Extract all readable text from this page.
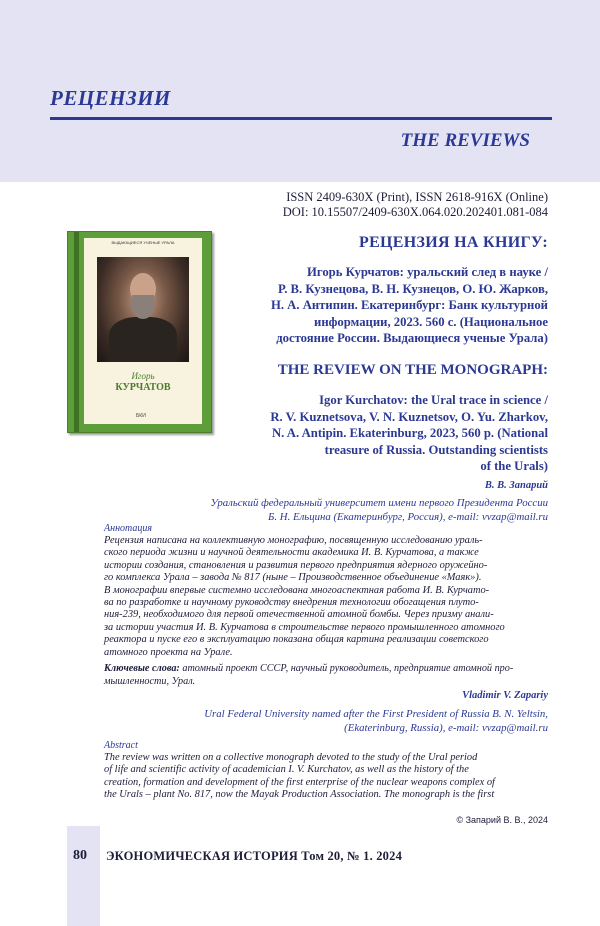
РЕЦЕНЗИИ
THE REVIEWS
ISSN 2409-630X (Print), ISSN 2618-916X (Online)
DOI: 10.15507/2409-630X.064.020.202401.081-084
ВЫДАЮЩИЕСЯ УЧЕНЫЕ УРАЛА
Игорь
КУРЧАТОВ
БКИ
РЕЦЕНЗИЯ НА КНИГУ:
Игорь Курчатов: уральский след в науке /
Р. В. Кузнецова, В. Н. Кузнецов, О. Ю. Жарков,
Н. А. Антипин. Екатеринбург: Банк культурной
информации, 2023. 560 с. (Национальное
достояние России. Выдающиеся ученые Урала)
THE REVIEW ON THE MONOGRAPH:
Igor Kurchatov: the Ural trace in science /
R. V. Kuznetsova, V. N. Kuznetsov, O. Yu. Zharkov,
N. A. Antipin. Ekaterinburg, 2023, 560 p. (National
treasure of Russia. Outstanding scientists
of the Urals)
В. В. Запарий
Уральский федеральный университет имени первого Президента России
Б. Н. Ельцина (Екатеринбург, Россия), e-mail: vvzap@mail.ru
Аннотация
Рецензия написана на коллективную монографию, посвященную исследованию ураль-
ского периода жизни и научной деятельности академика И. В. Курчатова, а также
истории создания, становления и развития первого предприятия ядерного оружейно-
го комплекса Урала – завода № 817 (ныне – Производственное объединение «Маяк»).
В монографии впервые системно исследована многоаспектная работа И. В. Курчато-
ва по разработке и научному руководству внедрения технологии обогащения плуто-
ния-239, необходимого для первой отечественной атомной бомбы. Через призму анали-
за истории участия И. В. Курчатова в строительстве первого промышленного атомного
реактора и пуске его в эксплуатацию показана общая картина реализации советского
атомного проекта на Урале.
Ключевые слова: атомный проект СССР, научный руководитель, предприятие атомной про-
мышленности, Урал.
Vladimir V. Zapariy
Ural Federal University named after the First President of Russia B. N. Yeltsin,
(Ekaterinburg, Russia), e-mail: vvzap@mail.ru
Abstract
The review was written on a collective monograph devoted to the study of the Ural period
of life and scientific activity of academician I. V. Kurchatov, as well as the history of the
creation, formation and development of the first enterprise of the nuclear weapons complex of
the Urals – plant No. 817, now the Mayak Production Association. The monograph is the first
© Запарий В. В., 2024
80 ЭКОНОМИЧЕСКАЯ ИСТОРИЯ Том 20, № 1. 2024
